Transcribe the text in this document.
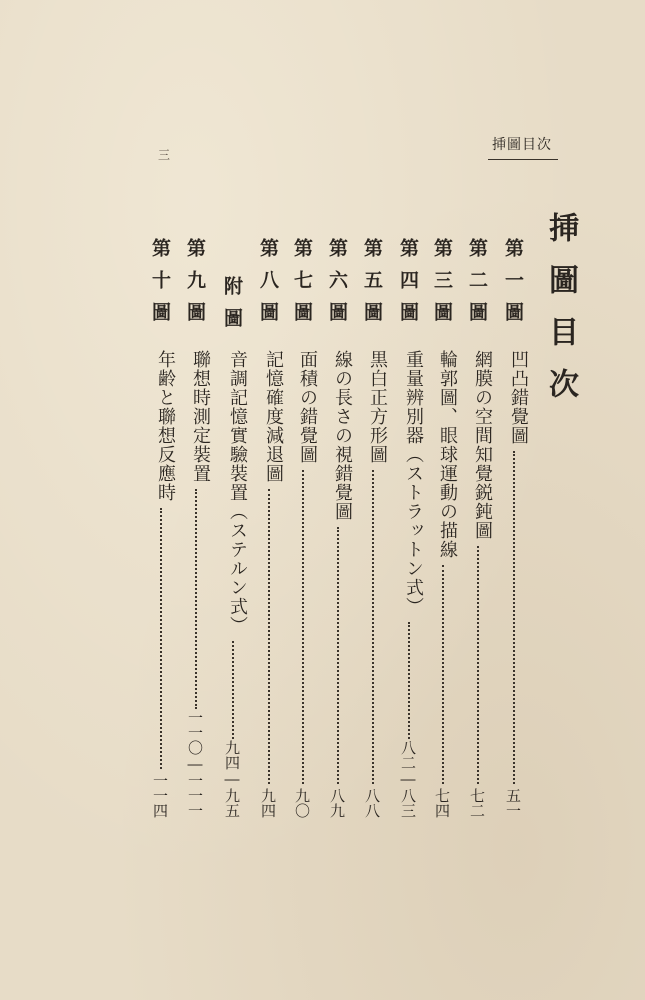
挿圖目次
三
挿圖目次
第一圖
凹凸錯覺圖
五一
第二圖
網膜の空間知覺鋭鈍圖
七二
第三圖
輪郭圖、眼球運動の描線
七四
第四圖
重量辨別器（ストラットン式）
八二―八三
第五圖
黒白正方形圖
八八
第六圖
線の長さの視錯覺圖
八九
第七圖
面積の錯覺圖
九〇
第八圖
記憶確度減退圖
九四
附圖
音調記憶實驗裝置（ステルン式）
九四―九五
第九圖
聯想時測定裝置
一一〇―一一一
第十圖
年齢と聯想反應時
一一四
